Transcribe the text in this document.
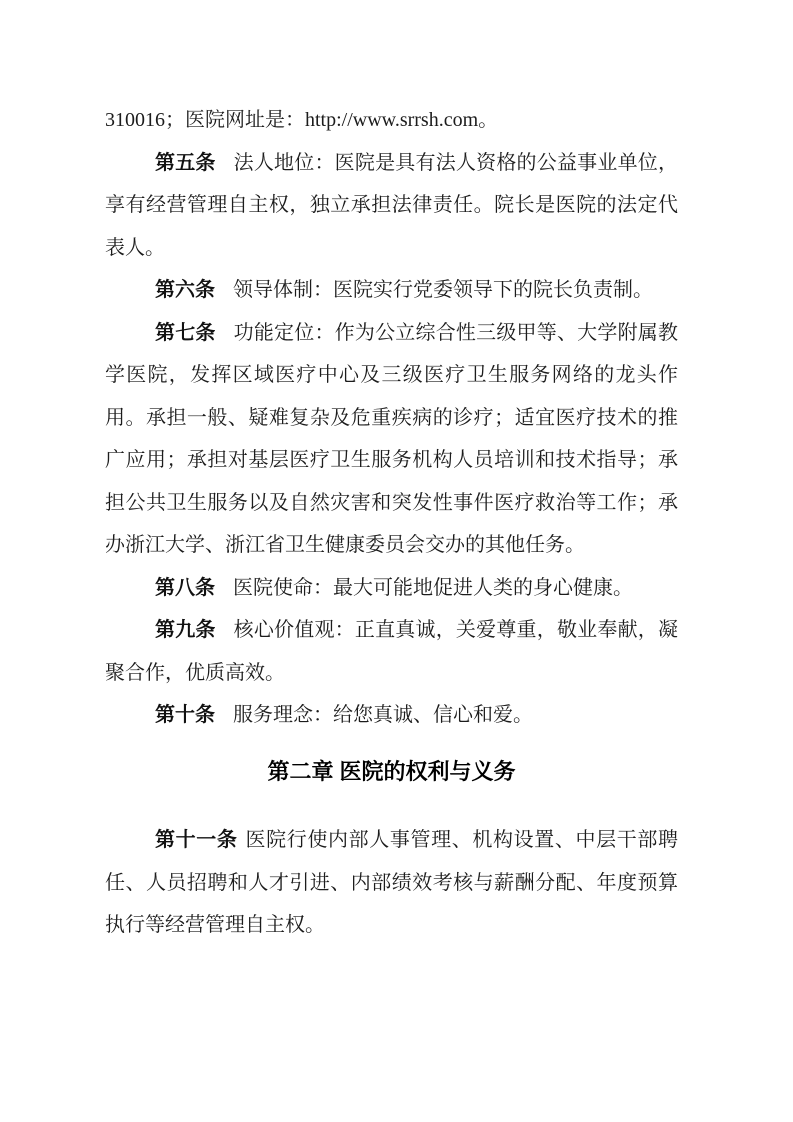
310016；医院网址是：http://www.srrsh.com。

第五条 法人地位：医院是具有法人资格的公益事业单位，享有经营管理自主权，独立承担法律责任。院长是医院的法定代表人。

第六条 领导体制：医院实行党委领导下的院长负责制。

第七条 功能定位：作为公立综合性三级甲等、大学附属教学医院，发挥区域医疗中心及三级医疗卫生服务网络的龙头作用。承担一般、疑难复杂及危重疾病的诊疗；适宜医疗技术的推广应用；承担对基层医疗卫生服务机构人员培训和技术指导；承担公共卫生服务以及自然灾害和突发性事件医疗救治等工作；承办浙江大学、浙江省卫生健康委员会交办的其他任务。

第八条 医院使命：最大可能地促进人类的身心健康。

第九条 核心价值观：正直真诚，关爱尊重，敬业奉献，凝聚合作，优质高效。

第十条 服务理念：给您真诚、信心和爱。

第二章 医院的权利与义务

第十一条 医院行使内部人事管理、机构设置、中层干部聘任、人员招聘和人才引进、内部绩效考核与薪酬分配、年度预算执行等经营管理自主权。
